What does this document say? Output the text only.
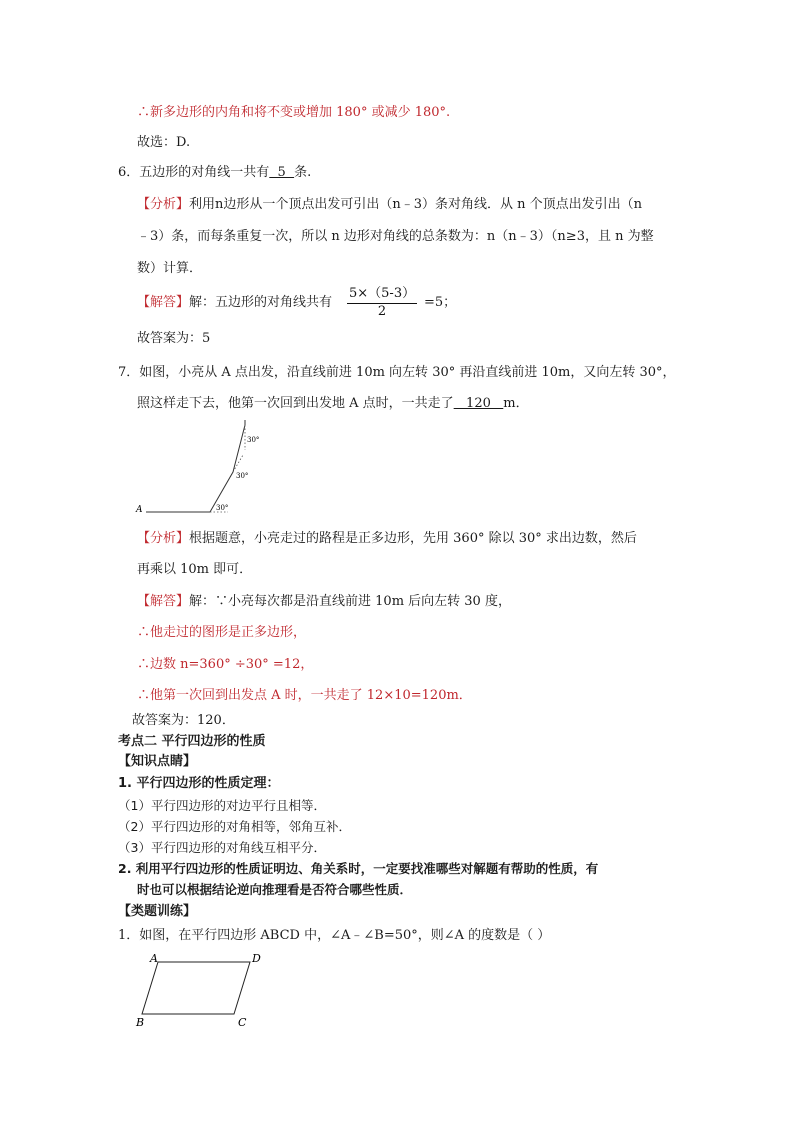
∴新多边形的内角和将不变或增加 180° 或减少 180°.
故选：D.
6．五边形的对角线一共有  5  条.
【分析】利用n边形从一个顶点出发可引出（n﹣3）条对角线．从 n 个顶点出发引出（n
﹣3）条，而每条重复一次，所以 n 边形对角线的总条数为：n（n﹣3）（n≥3，且 n 为整
数）计算．
【解答】解：五边形的对角线共有 $\frac{5\times(5-3)}{2} =5$；
故答案为：5
7．如图，小亮从 A 点出发，沿直线前进 10m 向左转 30° 再沿直线前进 10m，又向左转 30°，
照这样走下去，他第一次回到出发地 A 点时，一共走了   120   m．
A	30°
30°
30°
【分析】根据题意，小亮走过的路程是正多边形，先用 360° 除以 30° 求出边数，然后
再乘以 10m 即可．
【解答】解：∵小亮每次都是沿直线前进 10m 后向左转 30 度，
∴他走过的图形是正多边形，
∴边数 n=360° ÷30° =12，
∴他第一次回到出发点 A 时，一共走了 12×10=120m．
故答案为：120．
考点二 平行四边形的性质
【知识点睛】
1. 平行四边形的性质定理：
（1）平行四边形的对边平行且相等．
（2）平行四边形的对角相等，邻角互补．
（3）平行四边形的对角线互相平分．
2. 利用平行四边形的性质证明边、角关系时，一定要找准哪些对解题有帮助的性质，有
时也可以根据结论逆向推理看是否符合哪些性质．
【类题训练】
1．如图，在平行四边形 ABCD 中，∠A﹣∠B=50°，则∠A 的度数是（ ）
A	D
B	C
